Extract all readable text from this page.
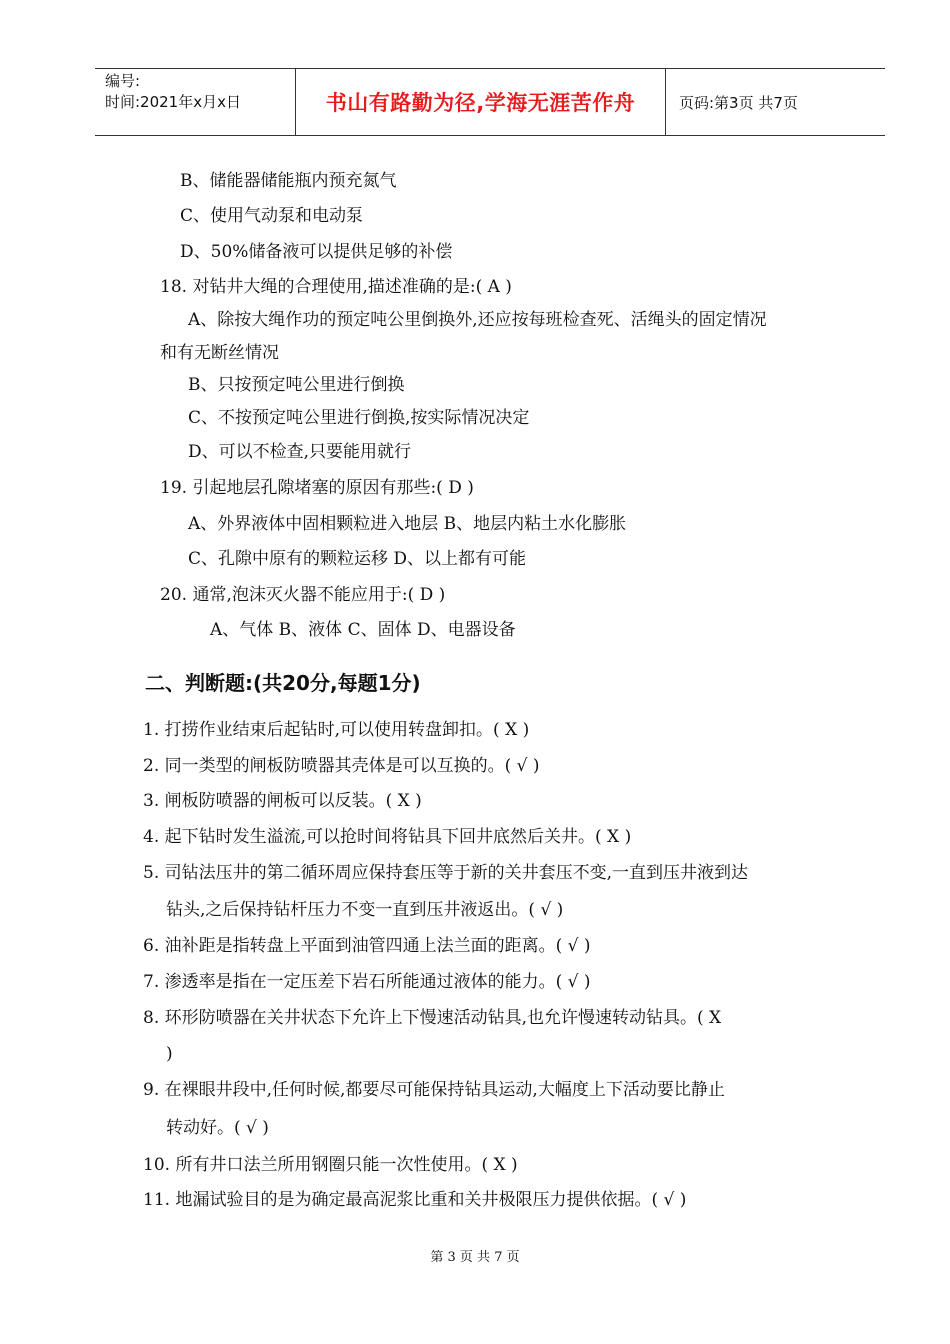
编号:
时间:2021年x月x日	书山有路勤为径,学海无涯苦作舟	页码:第3页 共7页
B、储能器储能瓶内预充氮气
C、使用气动泵和电动泵
D、50%储备液可以提供足够的补偿
18. 对钻井大绳的合理使用,描述准确的是:( A )
A、除按大绳作功的预定吨公里倒换外,还应按每班检查死、活绳头的固定情况
和有无断丝情况
B、只按预定吨公里进行倒换
C、不按预定吨公里进行倒换,按实际情况决定
D、可以不检查,只要能用就行
19. 引起地层孔隙堵塞的原因有那些:( D )
A、外界液体中固相颗粒进入地层 B、地层内粘土水化膨胀
C、孔隙中原有的颗粒运移 D、以上都有可能
20. 通常,泡沫灭火器不能应用于:( D )
A、气体 B、液体 C、固体 D、电器设备
二、判断题:(共20分,每题1分)
1. 打捞作业结束后起钻时,可以使用转盘卸扣。( X )
2. 同一类型的闸板防喷器其壳体是可以互换的。( √ )
3. 闸板防喷器的闸板可以反装。( X )
4. 起下钻时发生溢流,可以抢时间将钻具下回井底然后关井。( X )
5. 司钻法压井的第二循环周应保持套压等于新的关井套压不变,一直到压井液到达
钻头,之后保持钻杆压力不变一直到压井液返出。( √ )
6. 油补距是指转盘上平面到油管四通上法兰面的距离。( √ )
7. 渗透率是指在一定压差下岩石所能通过液体的能力。( √ )
8. 环形防喷器在关井状态下允许上下慢速活动钻具,也允许慢速转动钻具。( X
)
9. 在裸眼井段中,任何时候,都要尽可能保持钻具运动,大幅度上下活动要比静止
转动好。( √ )
10. 所有井口法兰所用钢圈只能一次性使用。( X )
11. 地漏试验目的是为确定最高泥浆比重和关井极限压力提供依据。( √ )
第 3 页 共 7 页
